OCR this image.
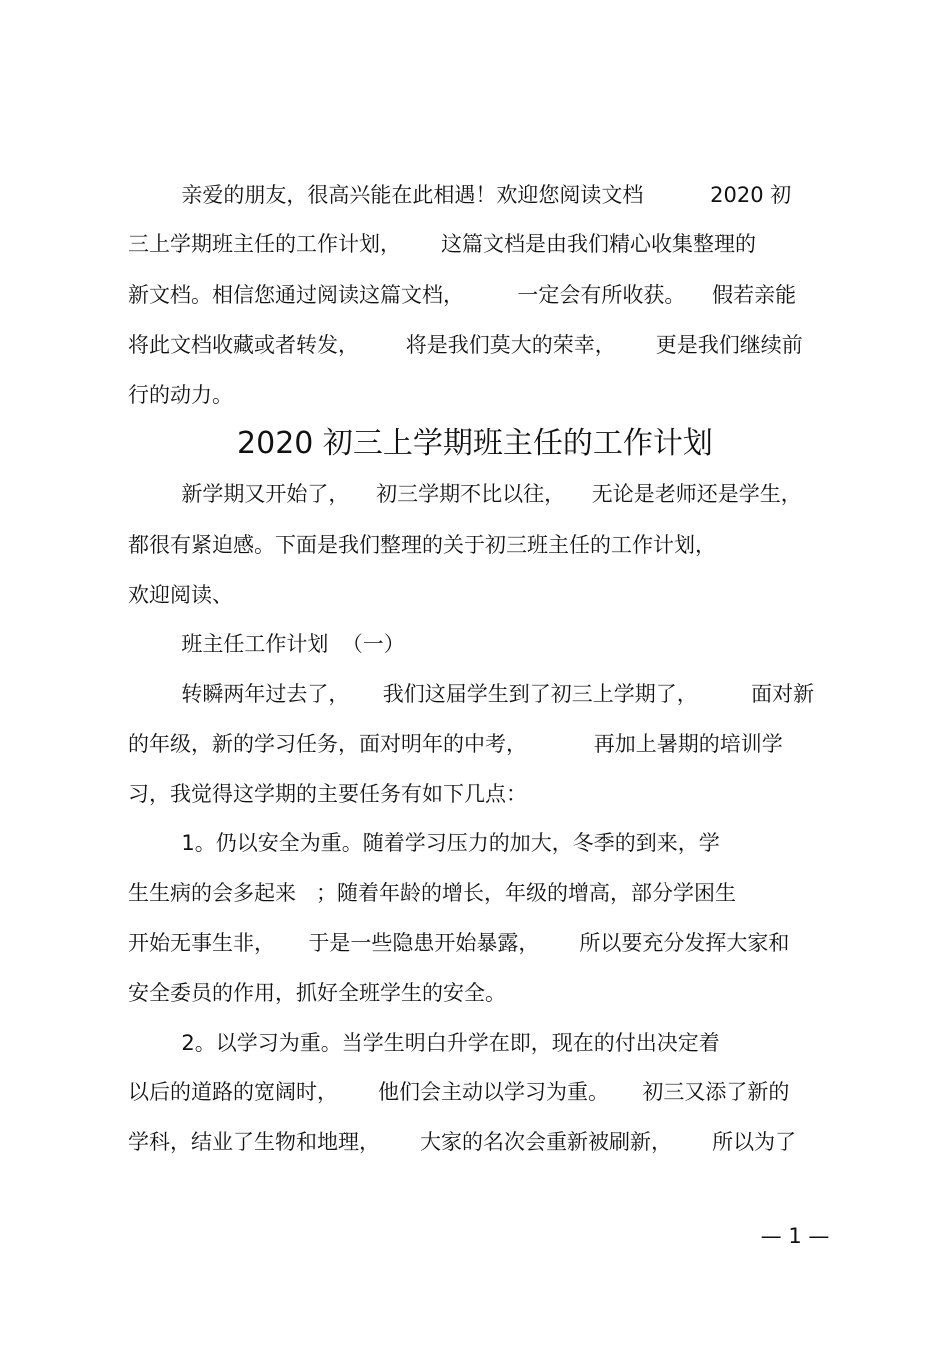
亲爱的朋友，很高兴能在此相遇！欢迎您阅读文档          2020 初
三上学期班主任的工作计划，      这篇文档是由我们精心收集整理的
新文档。相信您通过阅读这篇文档，        一定会有所收获。    假若亲能
将此文档收藏或者转发，       将是我们莫大的荣幸，      更是我们继续前
行的动力。
2020 初三上学期班主任的工作计划
新学期又开始了，    初三学期不比以往，    无论是老师还是学生，
都很有紧迫感。下面是我们整理的关于初三班主任的工作计划，
欢迎阅读、
班主任工作计划  （一）
转瞬两年过去了，     我们这届学生到了初三上学期了，        面对新
的年级，新的学习任务，面对明年的中考，          再加上暑期的培训学
习，我觉得这学期的主要任务有如下几点：
1。仍以安全为重。随着学习压力的加大，冬季的到来，学
生生病的会多起来   ；随着年龄的增长，年级的增高，部分学困生
开始无事生非，     于是一些隐患开始暴露，      所以要充分发挥大家和
安全委员的作用，抓好全班学生的安全。
2。以学习为重。当学生明白升学在即，现在的付出决定着
以后的道路的宽阔时，      他们会主动以学习为重。     初三又添了新的
学科，结业了生物和地理，      大家的名次会重新被刷新，      所以为了
— 1 —
